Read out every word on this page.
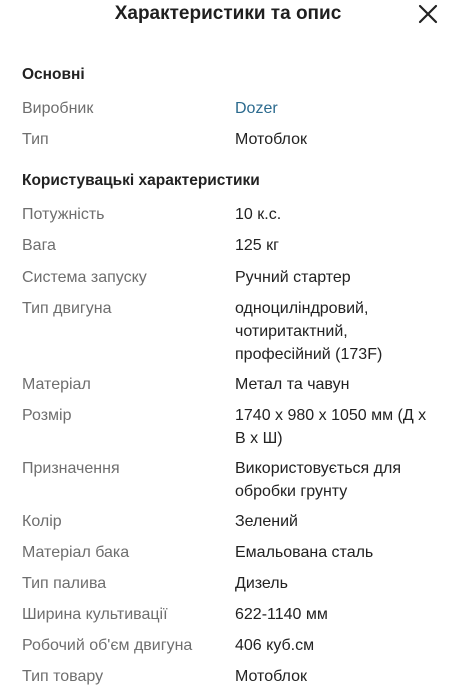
Характеристики та опис
Основні
Виробник	Dozer
Тип	Мотоблок
Користувацькі характеристики
Потужність	10 к.с.
Вага	125 кг
Система запуску	Ручний стартер
Тип двигуна	одноциліндровий,
чотиритактний,
професійний (173F)
Матеріал	Метал та чавун
Розмір	1740 х 980 х 1050 мм (Д х
В х Ш)
Призначення	Використовується для
обробки грунту
Колір	Зелений
Матеріал бака	Емальована сталь
Тип палива	Дизель
Ширина культивації	622-1140 мм
Робочий об'єм двигуна	406 куб.см
Тип товару	Мотоблок
